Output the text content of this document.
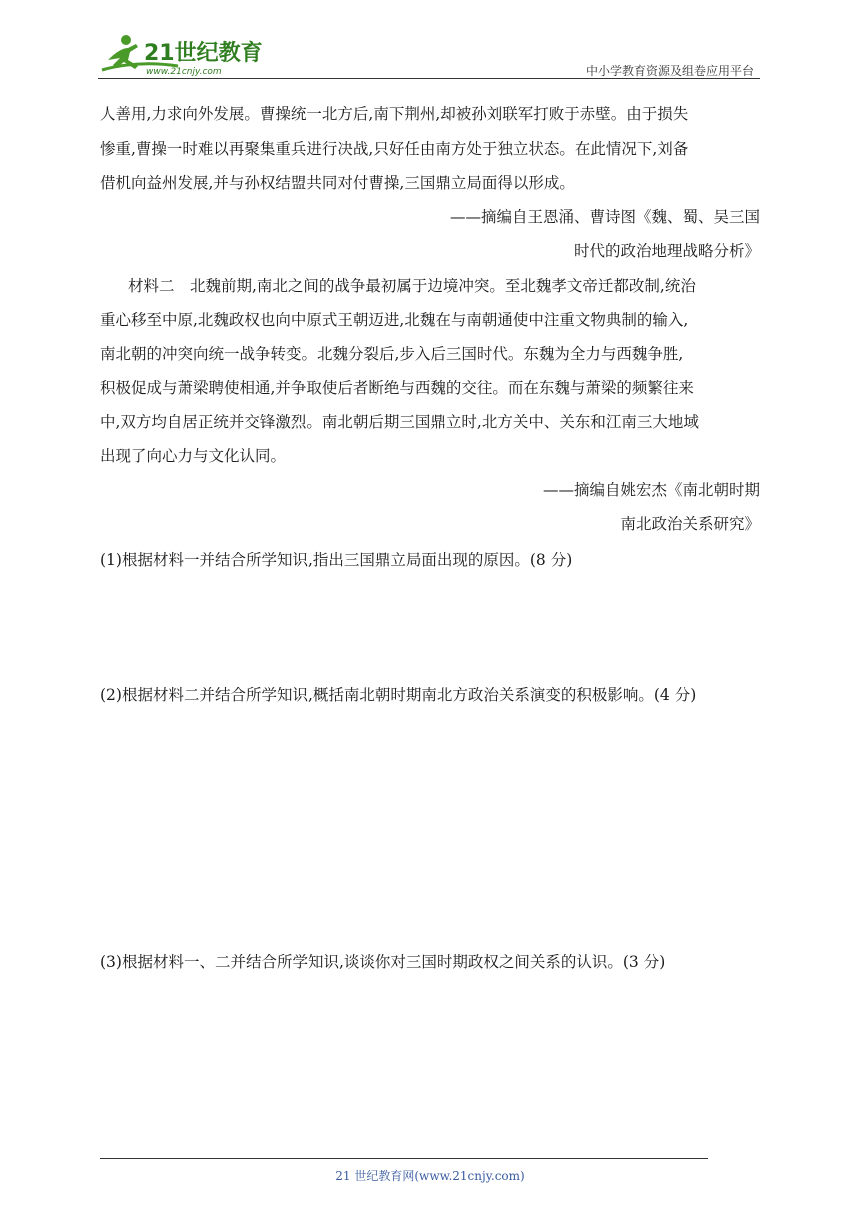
21世纪教育
www.21cnjy.com	中小学教育资源及组卷应用平台
人善用,力求向外发展。曹操统一北方后,南下荆州,却被孙刘联军打败于赤壁。由于损失
惨重,曹操一时难以再聚集重兵进行决战,只好任由南方处于独立状态。在此情况下,刘备
借机向益州发展,并与孙权结盟共同对付曹操,三国鼎立局面得以形成。
——摘编自王恩涌、曹诗图《魏、蜀、吴三国
时代的政治地理战略分析》
材料二　北魏前期,南北之间的战争最初属于边境冲突。至北魏孝文帝迁都改制,统治
重心移至中原,北魏政权也向中原式王朝迈进,北魏在与南朝通使中注重文物典制的输入,
南北朝的冲突向统一战争转变。北魏分裂后,步入后三国时代。东魏为全力与西魏争胜,
积极促成与萧梁聘使相通,并争取使后者断绝与西魏的交往。而在东魏与萧梁的频繁往来
中,双方均自居正统并交锋激烈。南北朝后期三国鼎立时,北方关中、关东和江南三大地域
出现了向心力与文化认同。
——摘编自姚宏杰《南北朝时期
南北政治关系研究》
(1)根据材料一并结合所学知识,指出三国鼎立局面出现的原因。(8 分)
(2)根据材料二并结合所学知识,概括南北朝时期南北方政治关系演变的积极影响。(4 分)
(3)根据材料一、二并结合所学知识,谈谈你对三国时期政权之间关系的认识。(3 分)
21 世纪教育网(www.21cnjy.com)
